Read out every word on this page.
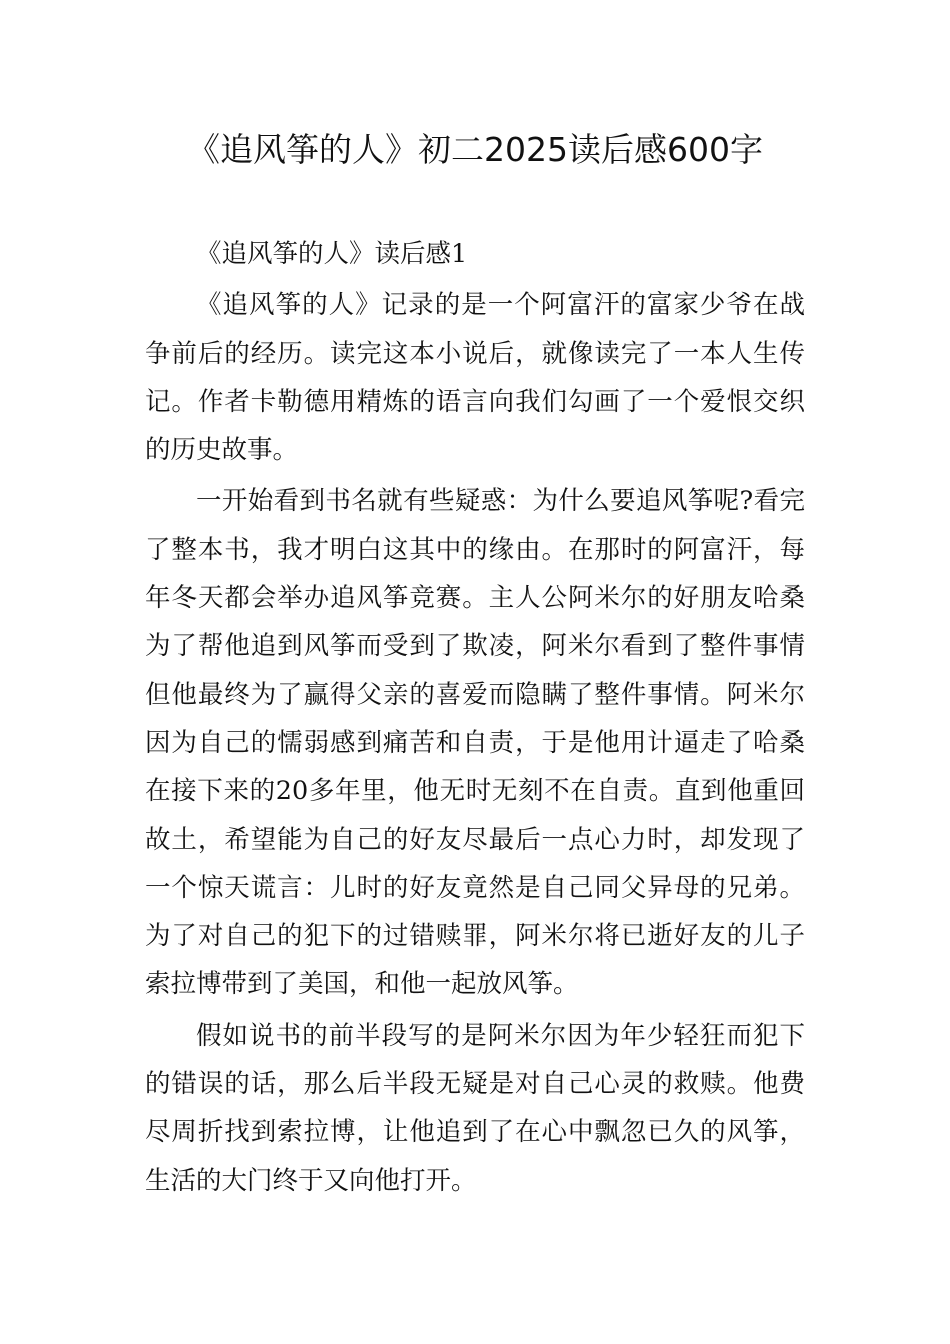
《追风筝的人》初二2025读后感600字

《追风筝的人》读后感1

《追风筝的人》记录的是一个阿富汗的富家少爷在战争前后的经历。读完这本小说后，就像读完了一本人生传记。作者卡勒德用精炼的语言向我们勾画了一个爱恨交织的历史故事。

一开始看到书名就有些疑惑：为什么要追风筝呢?看完了整本书，我才明白这其中的缘由。在那时的阿富汗，每年冬天都会举办追风筝竞赛。主人公阿米尔的好朋友哈桑为了帮他追到风筝而受到了欺凌，阿米尔看到了整件事情但他最终为了赢得父亲的喜爱而隐瞒了整件事情。阿米尔因为自己的懦弱感到痛苦和自责，于是他用计逼走了哈桑在接下来的20多年里，他无时无刻不在自责。直到他重回故土，希望能为自己的好友尽最后一点心力时，却发现了一个惊天谎言：儿时的好友竟然是自己同父异母的兄弟。为了对自己的犯下的过错赎罪，阿米尔将已逝好友的儿子索拉博带到了美国，和他一起放风筝。

假如说书的前半段写的是阿米尔因为年少轻狂而犯下的错误的话，那么后半段无疑是对自己心灵的救赎。他费尽周折找到索拉博，让他追到了在心中飘忽已久的风筝，生活的大门终于又向他打开。
